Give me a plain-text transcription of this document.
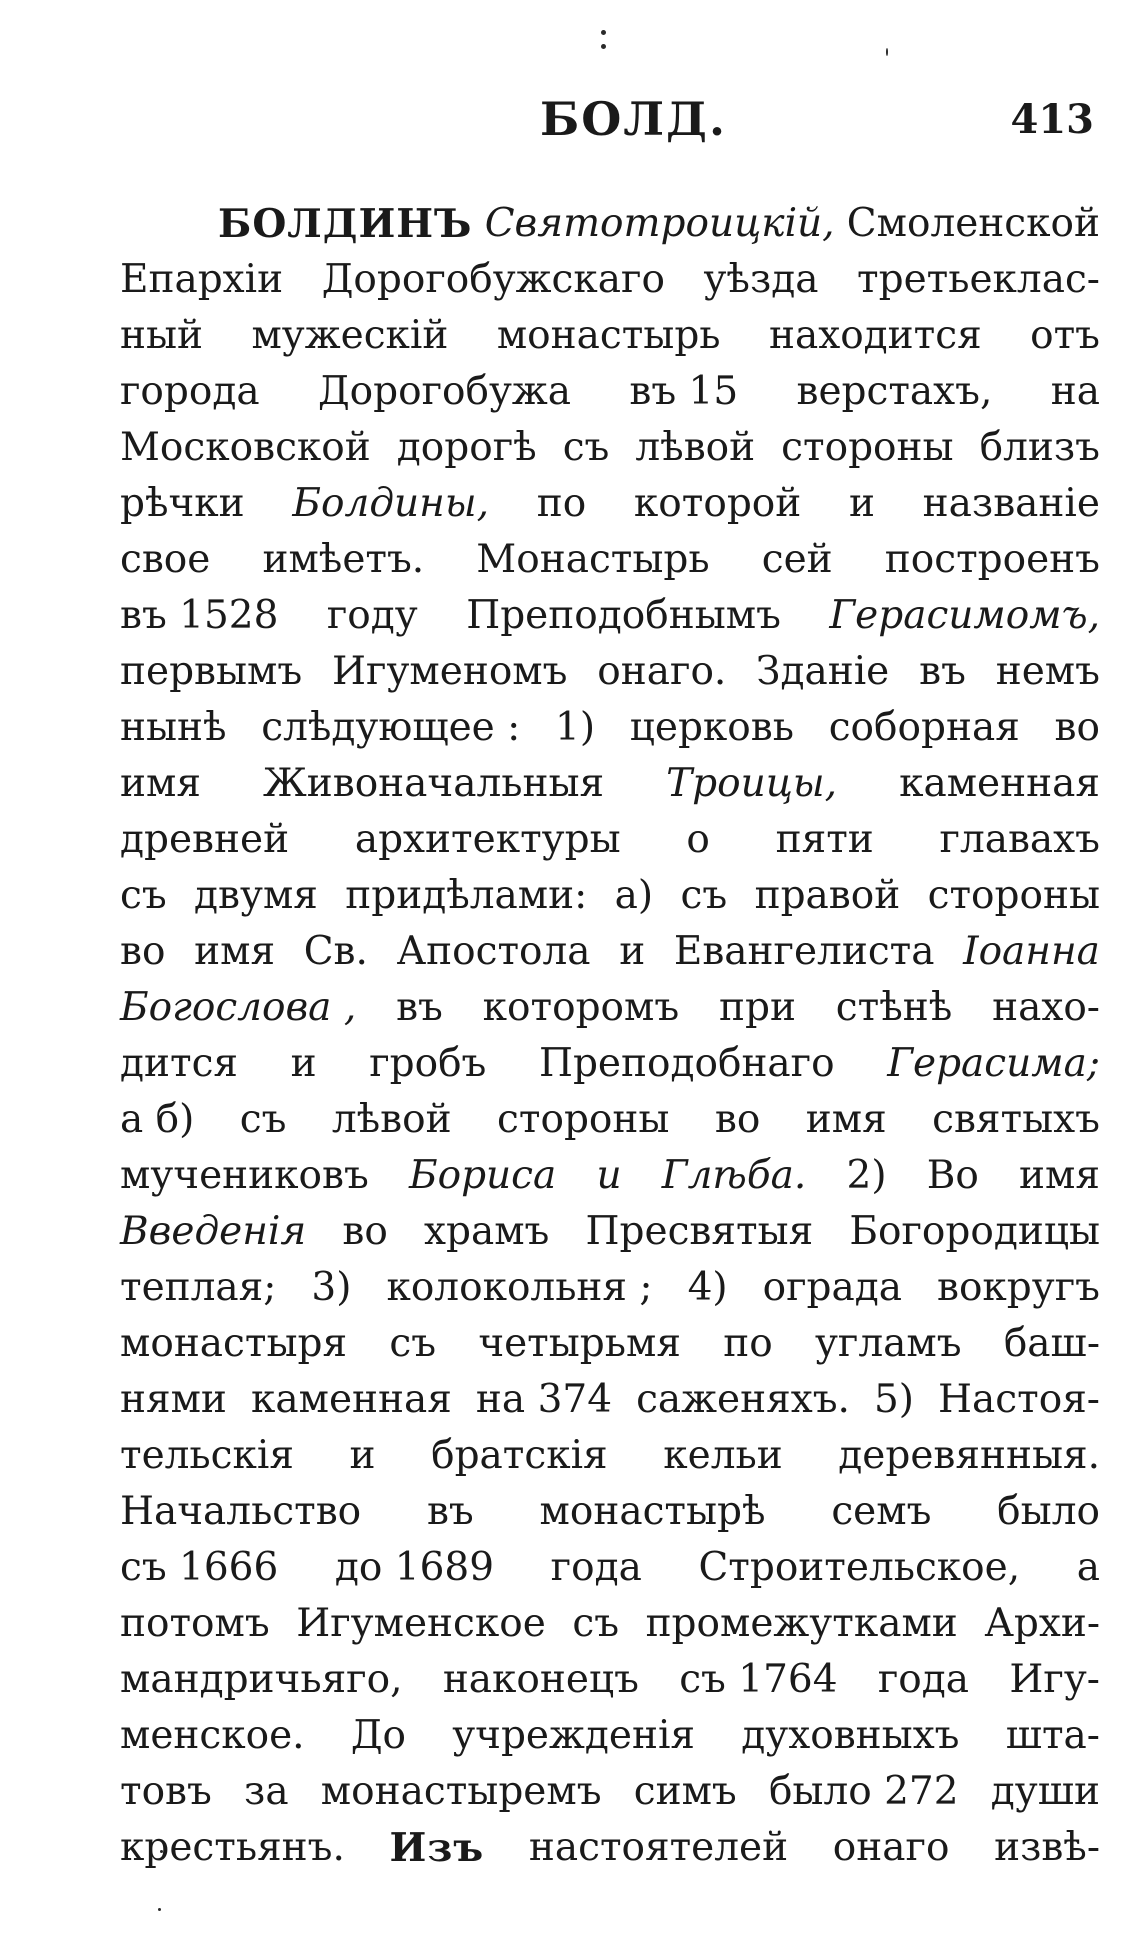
БОЛД.	413
БОЛДИНЪ Святотроицкій, Смоленской
Епархіи Дорогобужскаго уѣзда третьеклас-
ный мужескій монастырь находится отъ
города Дорогобужа въ 15 верстахъ, на
Московской дорогѣ съ лѣвой стороны близъ
рѣчки Болдины, по которой и названіе
свое имѣетъ. Монастырь сей построенъ
въ 1528 году Преподобнымъ Герасимомъ,
первымъ Игуменомъ онаго. Зданіе въ немъ
нынѣ слѣдующее : 1) церковь соборная во
имя Живоначальныя Троицы, каменная
древней архитектуры о пяти главахъ
съ двумя придѣлами: а) съ правой стороны
во имя Св. Апостола и Евангелиста Іоанна
Богослова , въ которомъ при стѣнѣ нахо-
дится и гробъ Преподобнаго Герасима;
а б) съ лѣвой стороны во имя святыхъ
мучениковъ Бориса и Глѣба. 2) Во имя
Введенія во храмъ Пресвятыя Богородицы
теплая; 3) колокольня ; 4) ограда вокругъ
монастыря съ четырьмя по угламъ баш-
нями каменная на 374 саженяхъ. 5) Настоя-
тельскія и братскія кельи деревянныя.
Начальство въ монастырѣ семъ было
съ 1666 до 1689 года Строительское, а
потомъ Игуменское съ промежутками Архи-
мандричьяго, наконецъ съ 1764 года Игу-
менское. До учрежденія духовныхъ шта-
товъ за монастыремъ симъ было 272 души
крестьянъ. Изъ настоятелей онаго извѣ-
